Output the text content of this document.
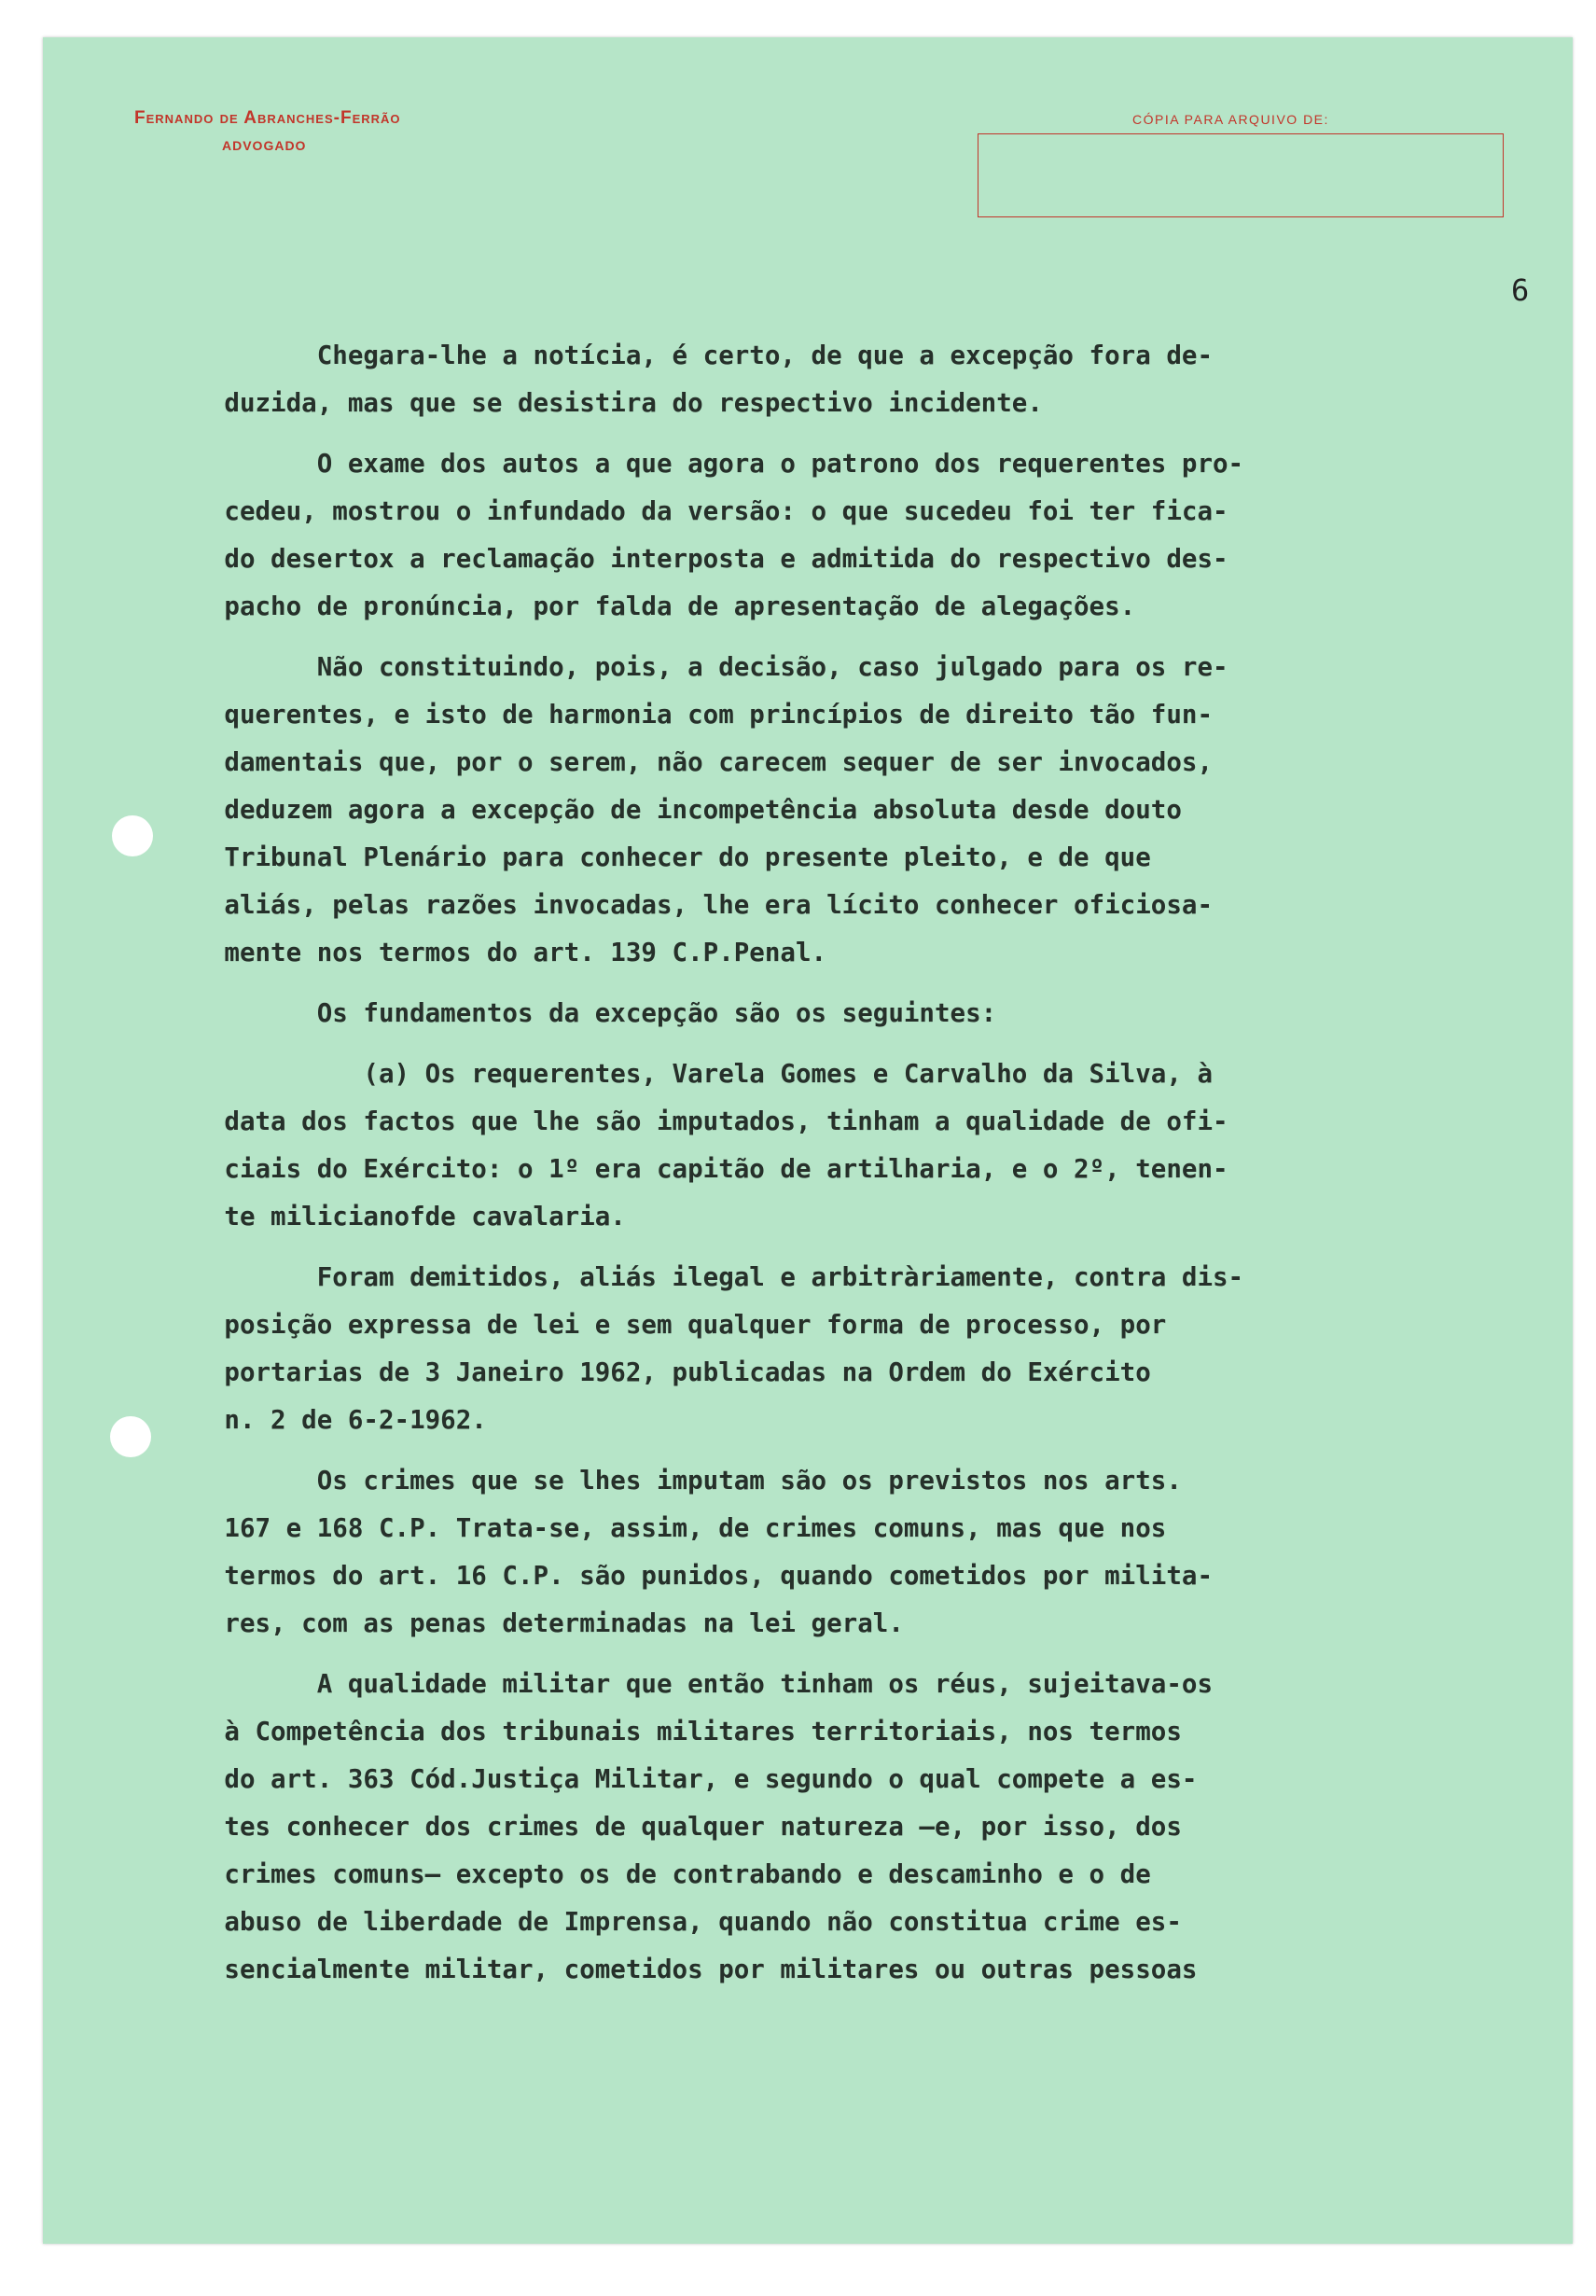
Fernando de Abranches-Ferrão
ADVOGADO
CÓPIA PARA ARQUIVO DE:
6
Chegara-lhe a notícia, é certo, de que a excepção fora de-
duzida, mas que se desistira do respectivo incidente.
O exame dos autos a que agora o patrono dos requerentes pro-
cedeu, mostrou o infundado da versão: o que sucedeu foi ter fica-
do desertox a reclamação interposta e admitida do respectivo des-
pacho de pronúncia, por falda de apresentação de alegações.
Não constituindo, pois, a decisão, caso julgado para os re-
querentes, e isto de harmonia com princípios de direito tão fun-
damentais que, por o serem, não carecem sequer de ser invocados,
deduzem agora a excepção de incompetência absoluta desde douto
Tribunal Plenário para conhecer do presente pleito, e de que
aliás, pelas razões invocadas, lhe era lícito conhecer oficiosa-
mente nos termos do art. 139 C.P.Penal.
Os fundamentos da excepção são os seguintes:
(a) Os requerentes, Varela Gomes e Carvalho da Silva, à
data dos factos que lhe são imputados, tinham a qualidade de ofi-
ciais do Exército: o 1º era capitão de artilharia, e o 2º, tenen-
te milicianofde cavalaria.
Foram demitidos, aliás ilegal e arbitràriamente, contra dis-
posição expressa de lei e sem qualquer forma de processo, por
portarias de 3 Janeiro 1962, publicadas na Ordem do Exército
n. 2 de 6-2-1962.
Os crimes que se lhes imputam são os previstos nos arts.
167 e 168 C.P. Trata-se, assim, de crimes comuns, mas que nos
termos do art. 16 C.P. são punidos, quando cometidos por milita-
res, com as penas determinadas na lei geral.
A qualidade militar que então tinham os réus, sujeitava-os
à Competência dos tribunais militares territoriais, nos termos
do art. 363 Cód.Justiça Militar, e segundo o qual compete a es-
tes conhecer dos crimes de qualquer natureza —e, por isso, dos
crimes comuns— excepto os de contrabando e descaminho e o de
abuso de liberdade de Imprensa, quando não constitua crime es-
sencialmente militar, cometidos por militares ou outras pessoas
